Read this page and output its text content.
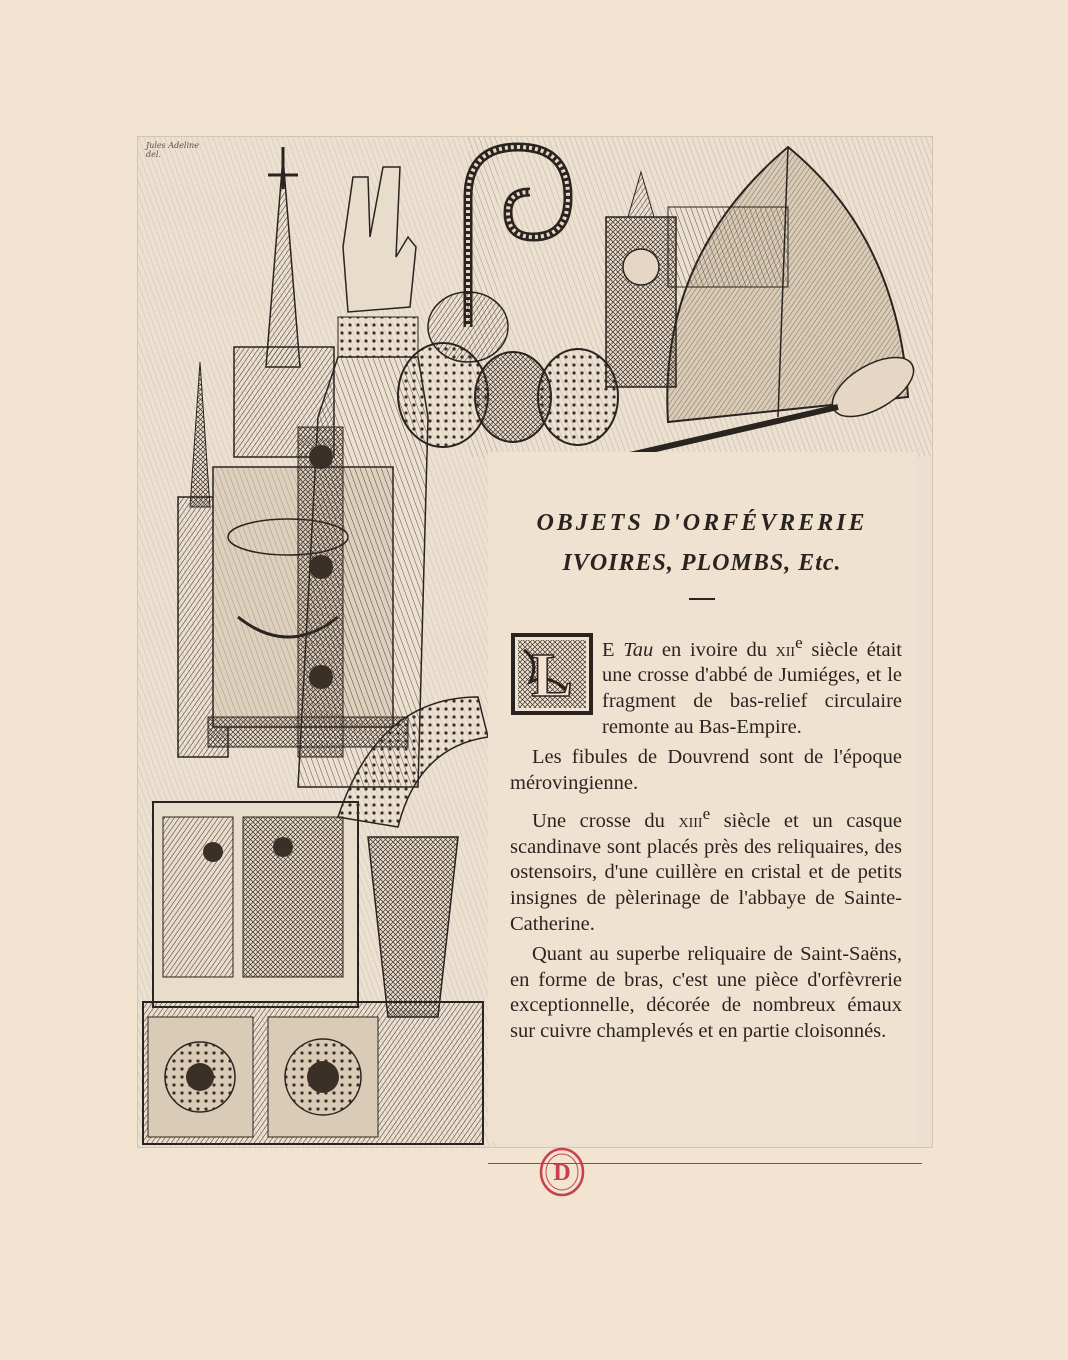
Jules Adeline del.
OBJETS D'ORFÉVRERIE
IVOIRES, PLOMBS, Etc.

L E Tau en ivoire du xii$^e$ siècle était une crosse d'abbé de Jumiéges, et le fragment de bas-relief circulaire remonte au Bas-Empire.

Les fibules de Douvrend sont de l'époque mérovingienne.

Une crosse du xiii$^e$ siècle et un casque scandinave sont placés près des reliquaires, des ostensoirs, d'une cuillère en cristal et de petits insignes de pèlerinage de l'abbaye de Sainte-Catherine.

Quant au superbe reliquaire de Saint-Saëns, en forme de bras, c'est une pièce d'orfèvrerie exceptionnelle, décorée de nombreux émaux sur cuivre champlevés et en partie cloisonnés.

D
